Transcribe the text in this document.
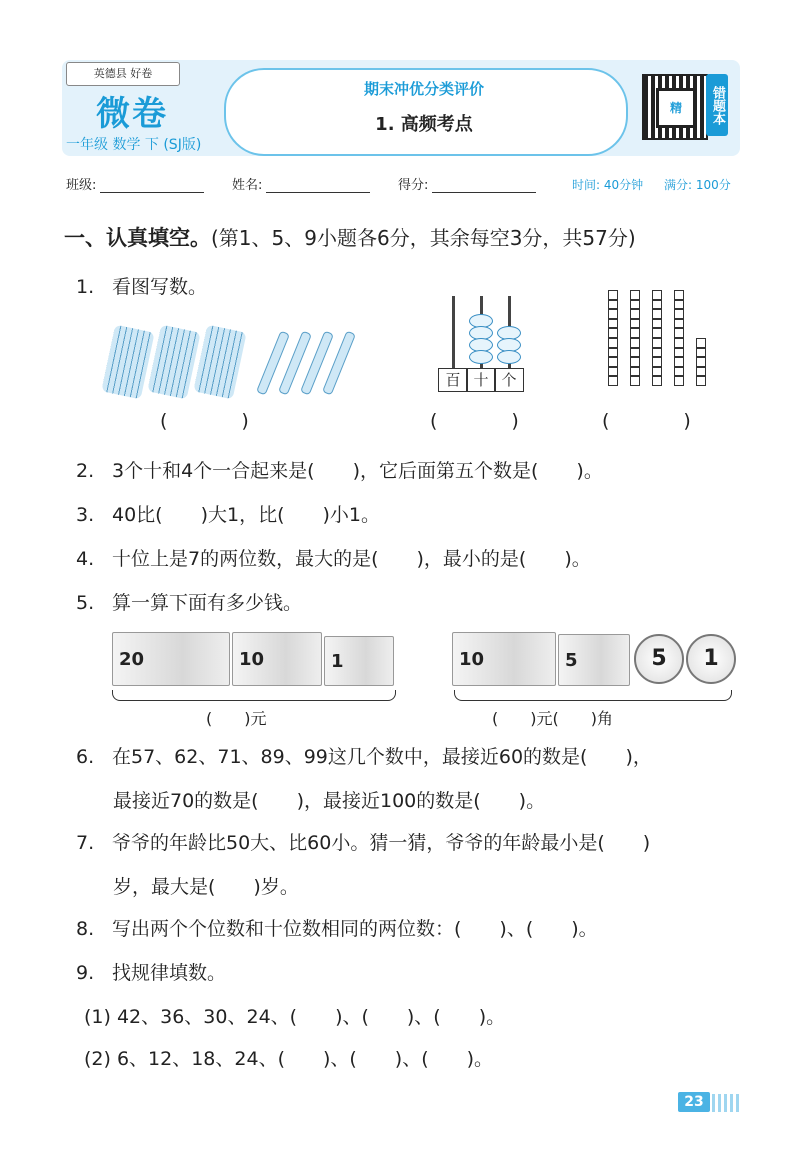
英德县 好卷
微卷
一年级 数学 下 (SJ版)
期末冲优分类评价
1. 高频考点
精	错题本
班级:	姓名:	得分:	时间: 40分钟 满分: 100分
一、认真填空。(第1、5、9小题各6分，其余每空3分，共57分)
1. 看图写数。
百 十 个
(	)	(	)	(	)
2. 3个十和4个一合起来是(　　)，它后面第五个数是(　　)。
3. 40比(　　)大1，比(　　)小1。
4. 十位上是7的两位数，最大的是(　　)，最小的是(　　)。
5. 算一算下面有多少钱。
20	10	1
(　　)元
10	5	5	1
(　　)元(　　)角
6. 在57、62、71、89、99这几个数中，最接近60的数是(　　)，
最接近70的数是(　　)，最接近100的数是(　　)。
7. 爷爷的年龄比50大、比60小。猜一猜，爷爷的年龄最小是(　　)
岁，最大是(　　)岁。
8. 写出两个个位数和十位数相同的两位数：(　　)、(　　)。
9. 找规律填数。
(1) 42、36、30、24、(　　)、(　　)、(　　)。
(2) 6、12、18、24、(　　)、(　　)、(　　)。
23
